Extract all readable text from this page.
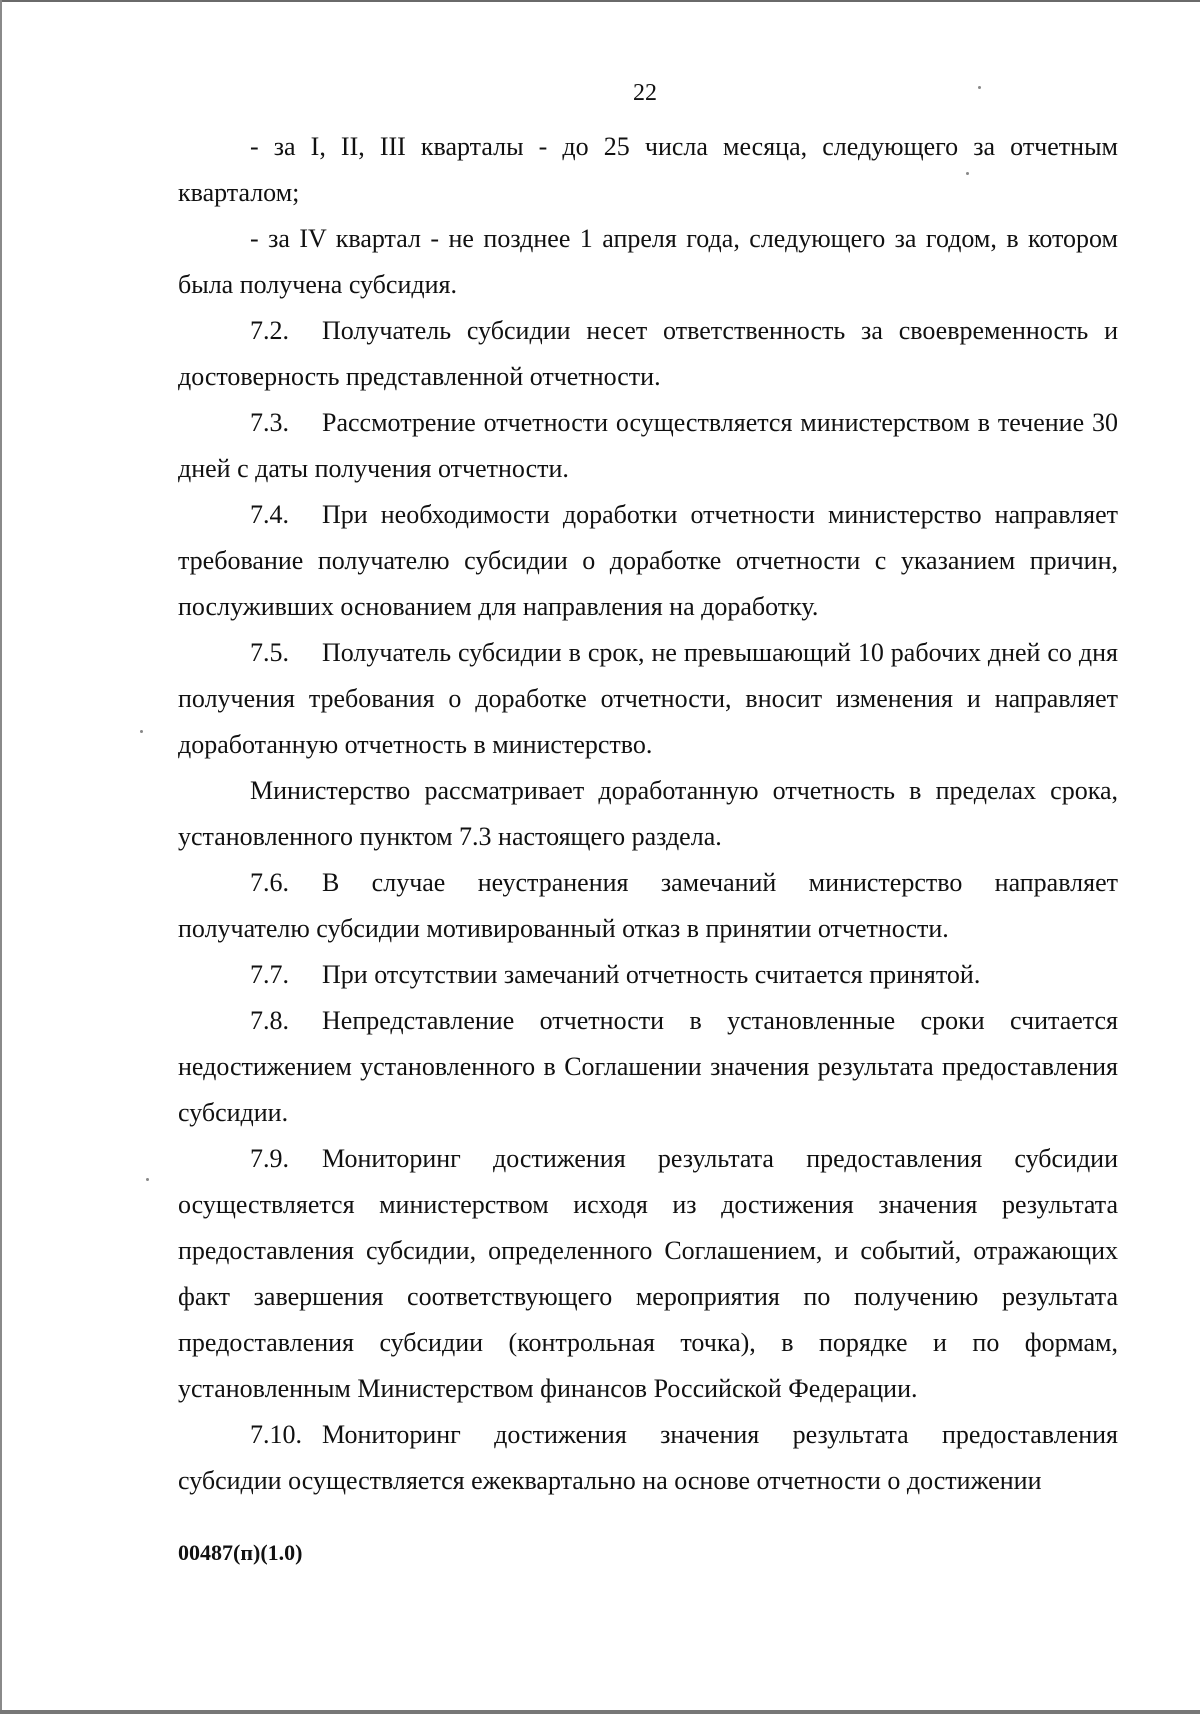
22

- за I, II, III кварталы - до 25 числа месяца, следующего за отчетным кварталом;

- за IV квартал - не позднее 1 апреля года, следующего за годом, в котором была получена субсидия.

7.2. Получатель субсидии несет ответственность за своевременность и достоверность представленной отчетности.

7.3. Рассмотрение отчетности осуществляется министерством в течение 30 дней с даты получения отчетности.

7.4. При необходимости доработки отчетности министерство направляет требование получателю субсидии о доработке отчетности с указанием причин, послуживших основанием для направления на доработку.

7.5. Получатель субсидии в срок, не превышающий 10 рабочих дней со дня получения требования о доработке отчетности, вносит изменения и направляет доработанную отчетность в министерство.

Министерство рассматривает доработанную отчетность в пределах срока, установленного пунктом 7.3 настоящего раздела.

7.6. В случае неустранения замечаний министерство направляет получателю субсидии мотивированный отказ в принятии отчетности.

7.7. При отсутствии замечаний отчетность считается принятой.

7.8. Непредставление отчетности в установленные сроки считается недостижением установленного в Соглашении значения результата предоставления субсидии.

7.9. Мониторинг достижения результата предоставления субсидии осуществляется министерством исходя из достижения значения результата предоставления субсидии, определенного Соглашением, и событий, отражающих факт завершения соответствующего мероприятия по получению результата предоставления субсидии (контрольная точка), в порядке и по формам, установленным Министерством финансов Российской Федерации.

7.10. Мониторинг достижения значения результата предоставления субсидии осуществляется ежеквартально на основе отчетности о достижении

00487(п)(1.0)
